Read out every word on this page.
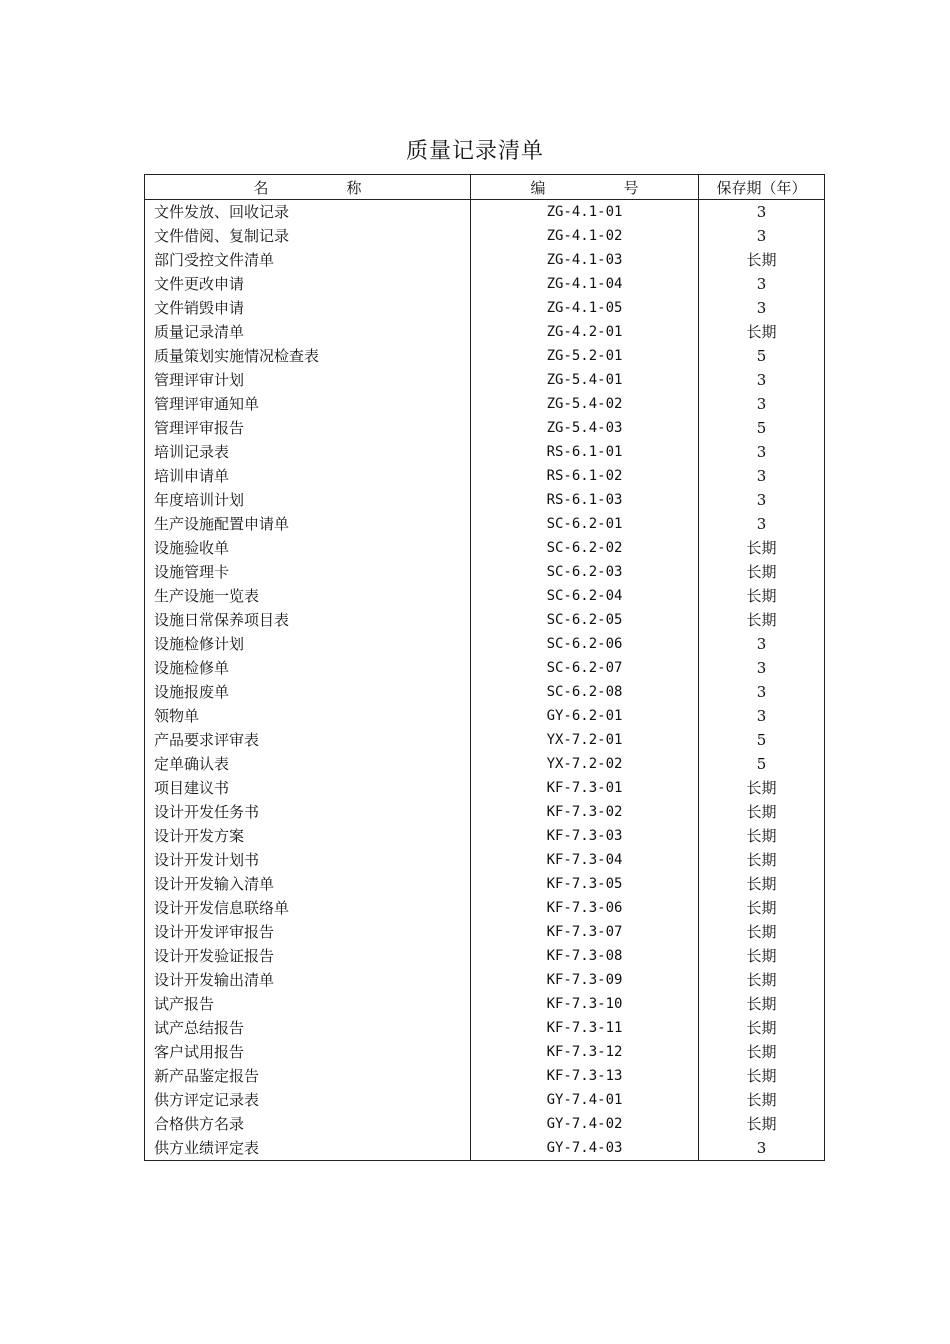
质量记录清单
名 称	编 号	保存期（年）
文件发放、回收记录	ZG-4.1-01	3
文件借阅、复制记录	ZG-4.1-02	3
部门受控文件清单	ZG-4.1-03	长期
文件更改申请	ZG-4.1-04	3
文件销毁申请	ZG-4.1-05	3
质量记录清单	ZG-4.2-01	长期
质量策划实施情况检查表	ZG-5.2-01	5
管理评审计划	ZG-5.4-01	3
管理评审通知单	ZG-5.4-02	3
管理评审报告	ZG-5.4-03	5
培训记录表	RS-6.1-01	3
培训申请单	RS-6.1-02	3
年度培训计划	RS-6.1-03	3
生产设施配置申请单	SC-6.2-01	3
设施验收单	SC-6.2-02	长期
设施管理卡	SC-6.2-03	长期
生产设施一览表	SC-6.2-04	长期
设施日常保养项目表	SC-6.2-05	长期
设施检修计划	SC-6.2-06	3
设施检修单	SC-6.2-07	3
设施报废单	SC-6.2-08	3
领物单	GY-6.2-01	3
产品要求评审表	YX-7.2-01	5
定单确认表	YX-7.2-02	5
项目建议书	KF-7.3-01	长期
设计开发任务书	KF-7.3-02	长期
设计开发方案	KF-7.3-03	长期
设计开发计划书	KF-7.3-04	长期
设计开发输入清单	KF-7.3-05	长期
设计开发信息联络单	KF-7.3-06	长期
设计开发评审报告	KF-7.3-07	长期
设计开发验证报告	KF-7.3-08	长期
设计开发输出清单	KF-7.3-09	长期
试产报告	KF-7.3-10	长期
试产总结报告	KF-7.3-11	长期
客户试用报告	KF-7.3-12	长期
新产品鉴定报告	KF-7.3-13	长期
供方评定记录表	GY-7.4-01	长期
合格供方名录	GY-7.4-02	长期
供方业绩评定表	GY-7.4-03	3
